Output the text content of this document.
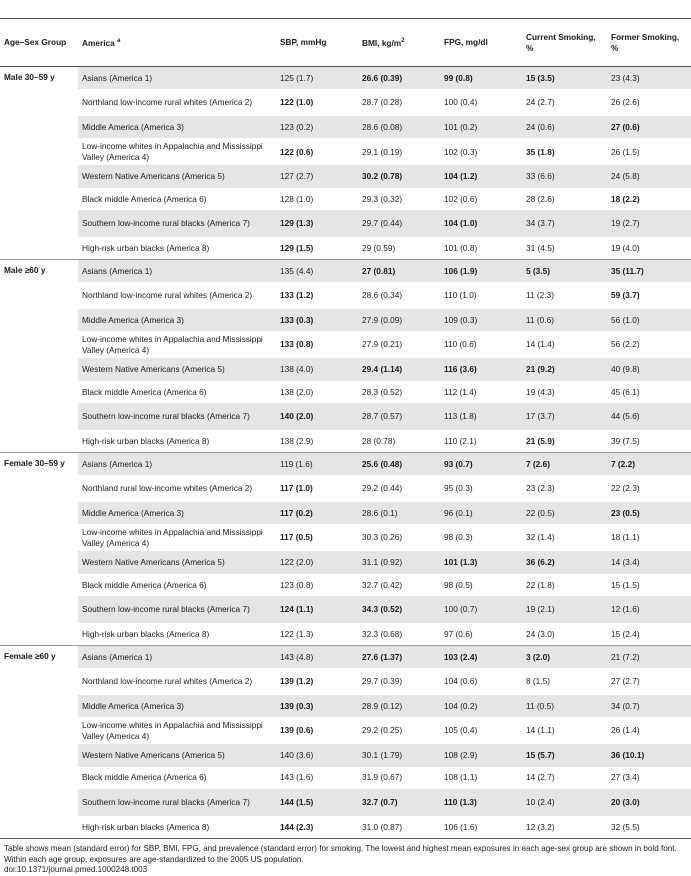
Age–Sex Group	America $^a$	SBP, mmHg	BMI, $kg/m^2$	FPG, mg/dl	Current Smoking, %	Former Smoking, %
Male 30–59 y	Asians (America 1)	125 (1.7)	26.6 (0.39)	99 (0.8)	15 (3.5)	23 (4.3)
	Northland low-income rural whites (America 2)	122 (1.0)	28.7 (0.28)	100 (0.4)	24 (2.7)	26 (2.6)
	Middle America (America 3)	123 (0.2)	28.6 (0.08)	101 (0.2)	24 (0.6)	27 (0.6)
	Low-income whites in Appalachia and Mississippi Valley (America 4)	122 (0.6)	29.1 (0.19)	102 (0.3)	35 (1.8)	26 (1.5)
	Western Native Americans (America 5)	127 (2.7)	30.2 (0.78)	104 (1.2)	33 (6.6)	24 (5.8)
	Black middle America (America 6)	128 (1.0)	29.3 (0.32)	102 (0.6)	28 (2.6)	18 (2.2)
	Southern low-income rural blacks (America 7)	129 (1.3)	29.7 (0.44)	104 (1.0)	34 (3.7)	19 (2.7)
	High-risk urban blacks (America 8)	129 (1.5)	29 (0.59)	101 (0.8)	31 (4.5)	19 (4.0)
Male ≥60 y	Asians (America 1)	135 (4.4)	27 (0.81)	106 (1.9)	5 (3.5)	35 (11.7)
	Northland low-income rural whites (America 2)	133 (1.2)	28.6 (0.34)	110 (1.0)	11 (2.3)	59 (3.7)
	Middle America (America 3)	133 (0.3)	27.9 (0.09)	109 (0.3)	11 (0.6)	56 (1.0)
	Low-income whites in Appalachia and Mississippi Valley (America 4)	133 (0.8)	27.9 (0.21)	110 (0.6)	14 (1.4)	56 (2.2)
	Western Native Americans (America 5)	138 (4.0)	29.4 (1.14)	116 (3.6)	21 (9.2)	40 (9.8)
	Black middle America (America 6)	138 (2.0)	28.3 (0.52)	112 (1.4)	19 (4.3)	45 (6.1)
	Southern low-income rural blacks (America 7)	140 (2.0)	28.7 (0.57)	113 (1.8)	17 (3.7)	44 (5.6)
	High-risk urban blacks (America 8)	138 (2.9)	28 (0.78)	110 (2.1)	21 (5.9)	39 (7.5)
Female 30–59 y	Asians (America 1)	119 (1.6)	25.6 (0.48)	93 (0.7)	7 (2.6)	7 (2.2)
	Northland rural low-income whites (America 2)	117 (1.0)	29.2 (0.44)	95 (0.3)	23 (2.3)	22 (2.3)
	Middle America (America 3)	117 (0.2)	28.6 (0.1)	96 (0.1)	22 (0.5)	23 (0.5)
	Low-income whites in Appalachia and Mississippi Valley (America 4)	117 (0.5)	30.3 (0.26)	98 (0.3)	32 (1.4)	18 (1.1)
	Western Native Americans (America 5)	122 (2.0)	31.1 (0.92)	101 (1.3)	36 (6.2)	14 (3.4)
	Black middle America (America 6)	123 (0.8)	32.7 (0.42)	98 (0.5)	22 (1.8)	15 (1.5)
	Southern low-income rural blacks (America 7)	124 (1.1)	34.3 (0.52)	100 (0.7)	19 (2.1)	12 (1.6)
	High-risk urban blacks (America 8)	122 (1.3)	32.3 (0.68)	97 (0.6)	24 (3.0)	15 (2.4)
Female ≥60 y	Asians (America 1)	143 (4.8)	27.6 (1.37)	103 (2.4)	3 (2.0)	21 (7.2)
	Northland low-income rural whites (America 2)	139 (1.2)	29.7 (0.39)	104 (0.6)	8 (1.5)	27 (2.7)
	Middle America (America 3)	139 (0.3)	28.9 (0.12)	104 (0.2)	11 (0.5)	34 (0.7)
	Low-income whites in Appalachia and Mississippi Valley (America 4)	139 (0.6)	29.2 (0.25)	105 (0.4)	14 (1.1)	26 (1.4)
	Western Native Americans (America 5)	140 (3.6)	30.1 (1.79)	108 (2.9)	15 (5.7)	36 (10.1)
	Black middle America (America 6)	143 (1.6)	31.9 (0.67)	108 (1.1)	14 (2.7)	27 (3.4)
	Southern low-income rural blacks (America 7)	144 (1.5)	32.7 (0.7)	110 (1.3)	10 (2.4)	20 (3.0)
	High-risk urban blacks (America 8)	144 (2.3)	31.0 (0.87)	106 (1.6)	12 (3.2)	32 (5.5)

Table shows mean (standard error) for SBP, BMI, FPG, and prevalence (standard error) for smoking. The lowest and highest mean exposures in each age-sex group are shown in bold font. Within each age group, exposures are age-standardized to the 2005 US population.
doi:10.1371/journal.pmed.1000248.t003						
